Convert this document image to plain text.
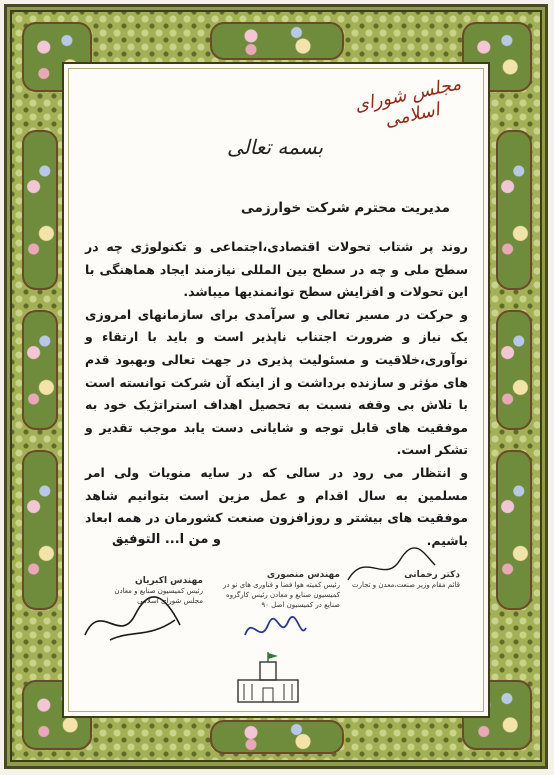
مجلس شورای اسلامی
بسمه تعالی
مدیریت محترم شرکت خوارزمی

روند پر شتاب تحولات اقتصادی،اجتماعی و تکنولوژی چه در سطح ملی و چه در سطح بین المللی نیازمند ایجاد هماهنگی با این تحولات و افزایش سطح توانمندیها میباشد.

و حرکت در مسیر تعالی و سرآمدی برای سازمانهای امروزی یک نیاز و ضرورت اجتناب ناپذیر است و باید با ارتقاء و نوآوری،خلاقیت و مسئولیت پذیری در جهت تعالی وبهبود قدم های مؤثر و سازنده برداشت و از اینکه آن شرکت توانسته است با تلاش بی وقفه نسبت به تحصیل اهداف استراتژیک خود به موفقیت های قابل توجه و شایانی دست یابد موجب تقدیر و تشکر است.

و انتظار می رود در سالی که در سایه منویات ولی امر مسلمین به سال اقدام و عمل مزین است بتوانیم شاهد موفقیت های بیشتر و روزافزون صنعت کشورمان در همه ابعاد باشیم.

و من ا... التوفیق
مهندس اکبریان
رئیس کمیسیون صنایع و معادن مجلس شورای اسلامی
مهندس منصوری
رئیس کمیته هوا فضا و فناوری های نو در کمیسیون صنایع و معادن رئیس کارگروه صنایع در کمیسیون اصل ۹۰
دکتر رحمانی
قائم مقام وزیر صنعت،معدن و تجارت
